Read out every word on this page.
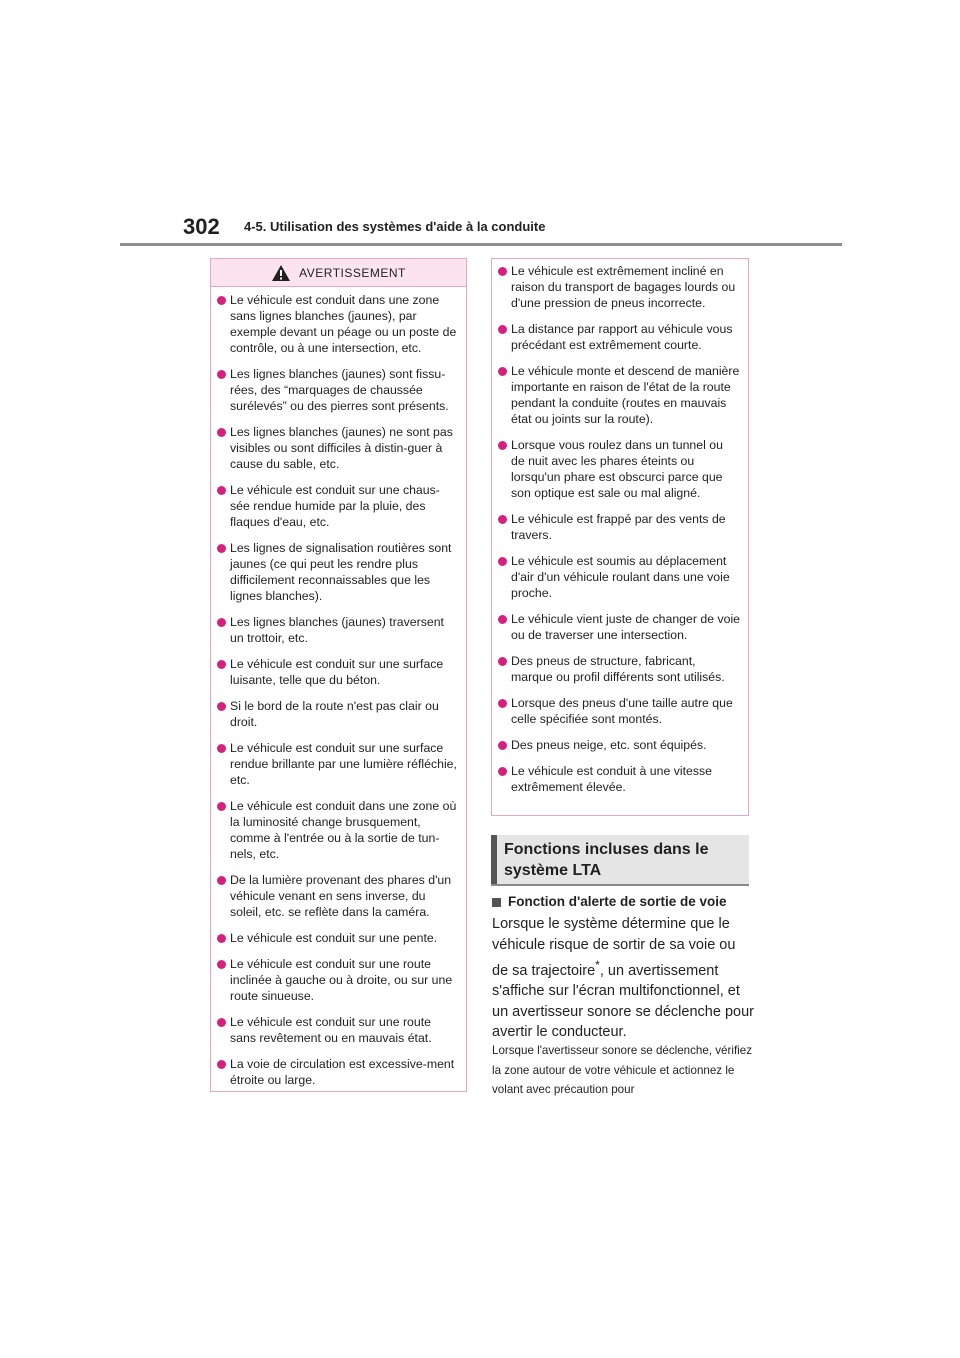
302 4-5. Utilisation des systèmes d'aide à la conduite
AVERTISSEMENT

Le véhicule est conduit dans une zone sans lignes blanches (jaunes), par exemple devant un péage ou un poste de contrôle, ou à une intersection, etc.

Les lignes blanches (jaunes) sont fissu-rées, des “marquages de chaussée surélevés” ou des pierres sont présents.

Les lignes blanches (jaunes) ne sont pas visibles ou sont difficiles à distin-guer à cause du sable, etc.

Le véhicule est conduit sur une chaus-sée rendue humide par la pluie, des flaques d'eau, etc.

Les lignes de signalisation routières sont jaunes (ce qui peut les rendre plus difficilement reconnaissables que les lignes blanches).

Les lignes blanches (jaunes) traversent un trottoir, etc.

Le véhicule est conduit sur une surface luisante, telle que du béton.

Si le bord de la route n'est pas clair ou droit.

Le véhicule est conduit sur une surface rendue brillante par une lumière réfléchie, etc.

Le véhicule est conduit dans une zone où la luminosité change brusquement, comme à l'entrée ou à la sortie de tun-nels, etc.

De la lumière provenant des phares d'un véhicule venant en sens inverse, du soleil, etc. se reflète dans la caméra.

Le véhicule est conduit sur une pente.

Le véhicule est conduit sur une route inclinée à gauche ou à droite, ou sur une route sinueuse.

Le véhicule est conduit sur une route sans revêtement ou en mauvais état.

La voie de circulation est excessive-ment étroite ou large.

Le véhicule est extrêmement incliné en raison du transport de bagages lourds ou d'une pression de pneus incorrecte.

La distance par rapport au véhicule vous précédant est extrêmement courte.

Le véhicule monte et descend de manière importante en raison de l'état de la route pendant la conduite (routes en mauvais état ou joints sur la route).

Lorsque vous roulez dans un tunnel ou de nuit avec les phares éteints ou lorsqu'un phare est obscurci parce que son optique est sale ou mal aligné.

Le véhicule est frappé par des vents de travers.

Le véhicule est soumis au déplacement d'air d'un véhicule roulant dans une voie proche.

Le véhicule vient juste de changer de voie ou de traverser une intersection.

Des pneus de structure, fabricant, marque ou profil différents sont utilisés.

Lorsque des pneus d'une taille autre que celle spécifiée sont montés.

Des pneus neige, etc. sont équipés.

Le véhicule est conduit à une vitesse extrêmement élevée.

Fonctions incluses dans le système LTA
Fonction d'alerte de sortie de voie

Lorsque le système détermine que le véhicule risque de sortir de sa voie ou de sa trajectoire*, un avertissement s'affiche sur l'écran multifonctionnel, et un avertisseur sonore se déclenche pour avertir le conducteur.

Lorsque l'avertisseur sonore se déclenche, vérifiez la zone autour de votre véhicule et actionnez le volant avec précaution pour
